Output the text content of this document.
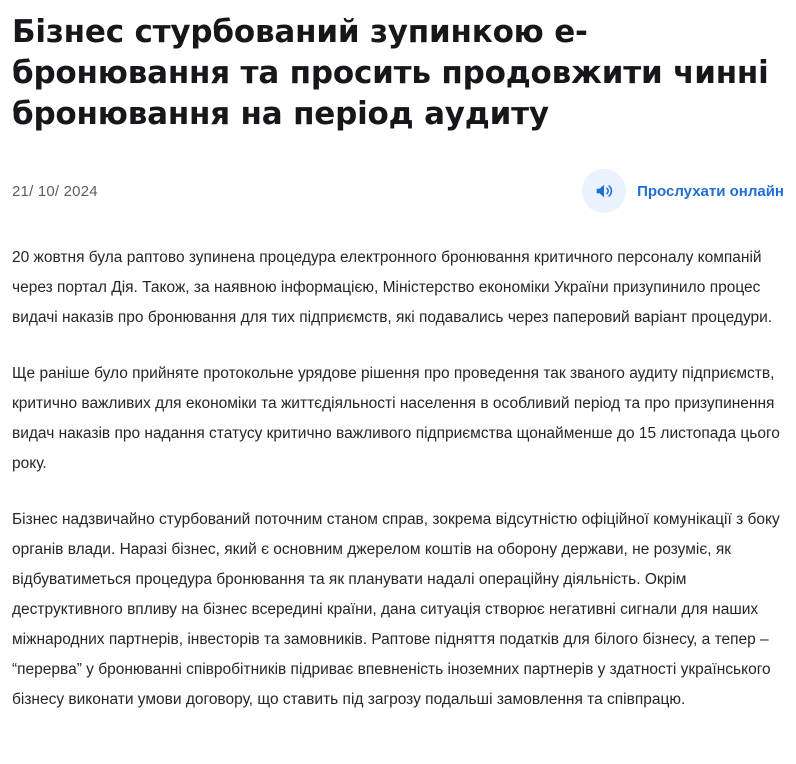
Бізнес стурбований зупинкою е-бронювання та просить продовжити чинні бронювання на період аудиту
21/ 10/ 2024	Прослухати онлайн

20 жовтня була раптово зупинена процедура електронного бронювання критичного персоналу компаній через портал Дія. Також, за наявною інформацією, Міністерство економіки України призупинило процес видачі наказів про бронювання для тих підприємств, які подавались через паперовий варіант процедури.

Ще раніше було прийняте протокольне урядове рішення про проведення так званого аудиту підприємств, критично важливих для економіки та життєдіяльності населення в особливий період та про призупинення видач наказів про надання статусу критично важливого підприємства щонайменше до 15 листопада цього року.

Бізнес надзвичайно стурбований поточним станом справ, зокрема відсутністю офіційної комунікації з боку органів влади. Наразі бізнес, який є основним джерелом коштів на оборону держави, не розуміє, як відбуватиметься процедура бронювання та як планувати надалі операційну діяльність. Окрім деструктивного впливу на бізнес всередині країни, дана ситуація створює негативні сигнали для наших міжнародних партнерів, інвесторів та замовників. Раптове підняття податків для білого бізнесу, а тепер – “перерва” у бронюванні співробітників підриває впевненість іноземних партнерів у здатності українського бізнесу виконати умови договору, що ставить під загрозу подальші замовлення та співпрацю.
